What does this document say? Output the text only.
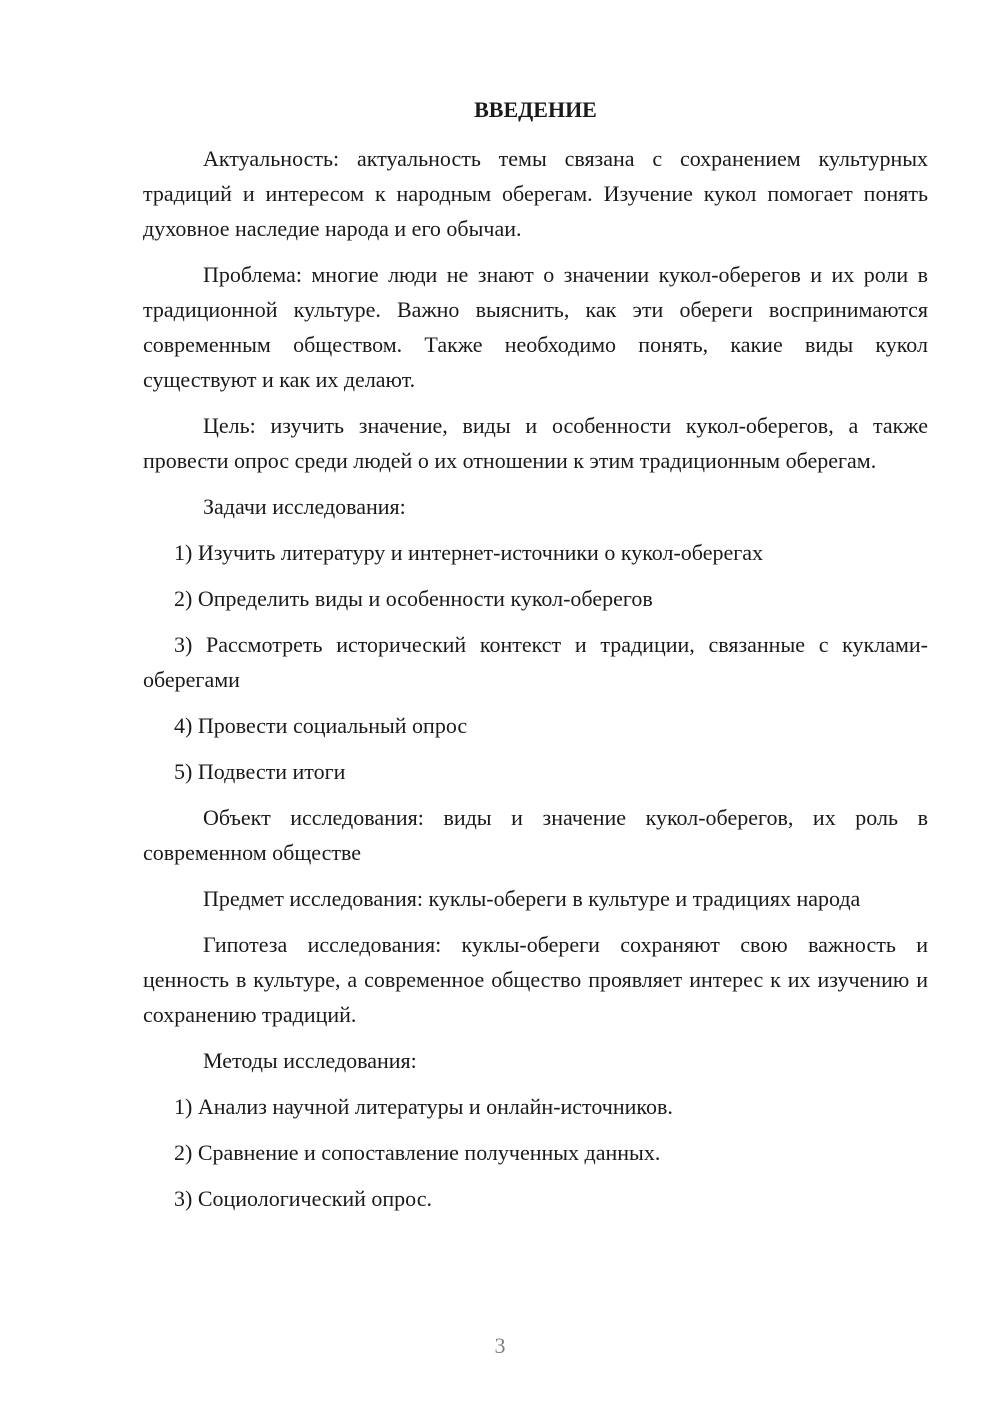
ВВЕДЕНИЕ

Актуальность: актуальность темы связана с сохранением культурных традиций и интересом к народным оберегам. Изучение кукол помогает понять духовное наследие народа и его обычаи.

Проблема: многие люди не знают о значении кукол-оберегов и их роли в традиционной культуре. Важно выяснить, как эти обереги воспринимаются современным обществом. Также необходимо понять, какие виды кукол существуют и как их делают.

Цель: изучить значение, виды и особенности кукол-оберегов, а также провести опрос среди людей о их отношении к этим традиционным оберегам.

Задачи исследования:

1) Изучить литературу и интернет-источники о кукол-оберегах

2) Определить виды и особенности кукол-оберегов

3) Рассмотреть исторический контекст и традиции, связанные с куклами-оберегами

4) Провести социальный опрос

5) Подвести итоги

Объект исследования: виды и значение кукол-оберегов, их роль в современном обществе

Предмет исследования: куклы-обереги в культуре и традициях народа

Гипотеза исследования: куклы-обереги сохраняют свою важность и ценность в культуре, а современное общество проявляет интерес к их изучению и сохранению традиций.

Методы исследования:

1) Анализ научной литературы и онлайн-источников.

2) Сравнение и сопоставление полученных данных.

3) Социологический опрос.

3
